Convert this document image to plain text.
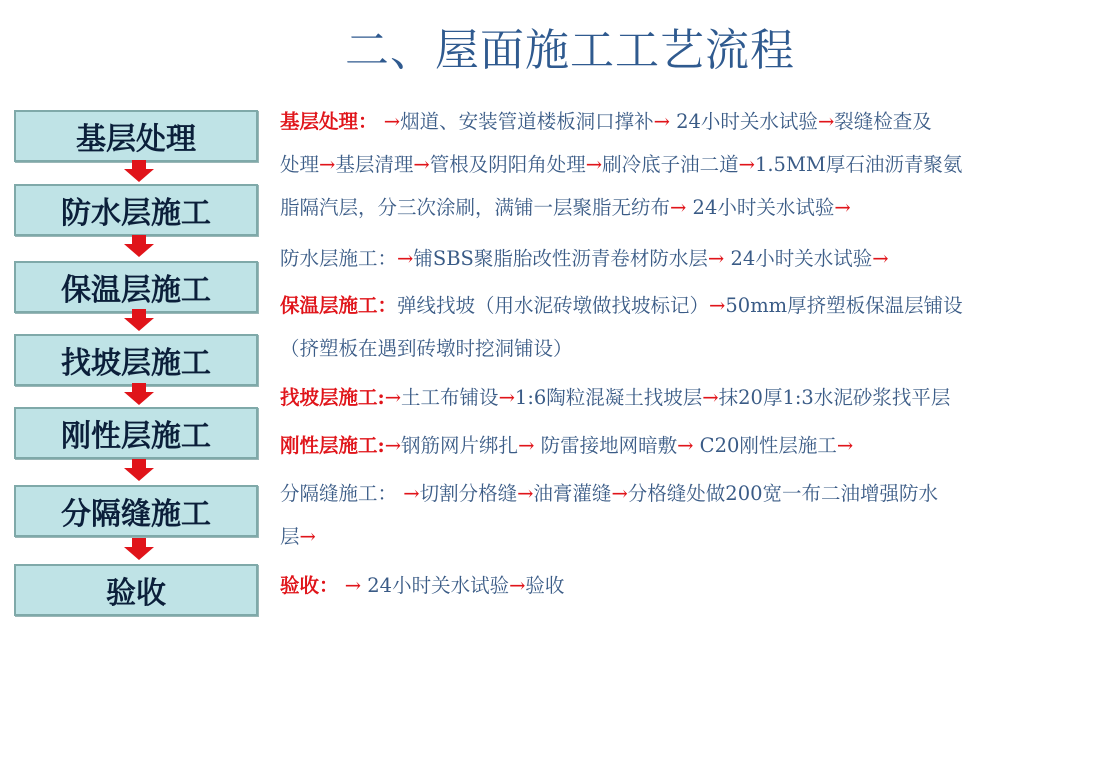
二、屋面施工工艺流程
基层处理
防水层施工
保温层施工
找坡层施工
刚性层施工
分隔缝施工
验收
基层处理： →烟道、安装管道楼板洞口撑补→ 24小时关水试验→裂缝检查及
处理→基层清理→管根及阴阳角处理→刷冷底子油二道→1.5MM厚石油沥青聚氨
脂隔汽层，分三次涂刷，满铺一层聚脂无纺布→ 24小时关水试验→
防水层施工：→铺SBS聚脂胎改性沥青卷材防水层→ 24小时关水试验→
保温层施工：弹线找坡（用水泥砖墩做找坡标记）→50mm厚挤塑板保温层铺设
（挤塑板在遇到砖墩时挖洞铺设）
找坡层施工:→土工布铺设→1:6陶粒混凝土找坡层→抹20厚1:3水泥砂浆找平层
刚性层施工:→钢筋网片绑扎→ 防雷接地网暗敷→ C20刚性层施工→
分隔缝施工： →切割分格缝→油膏灌缝→分格缝处做200宽一布二油增强防水
层→
验收： → 24小时关水试验→验收
